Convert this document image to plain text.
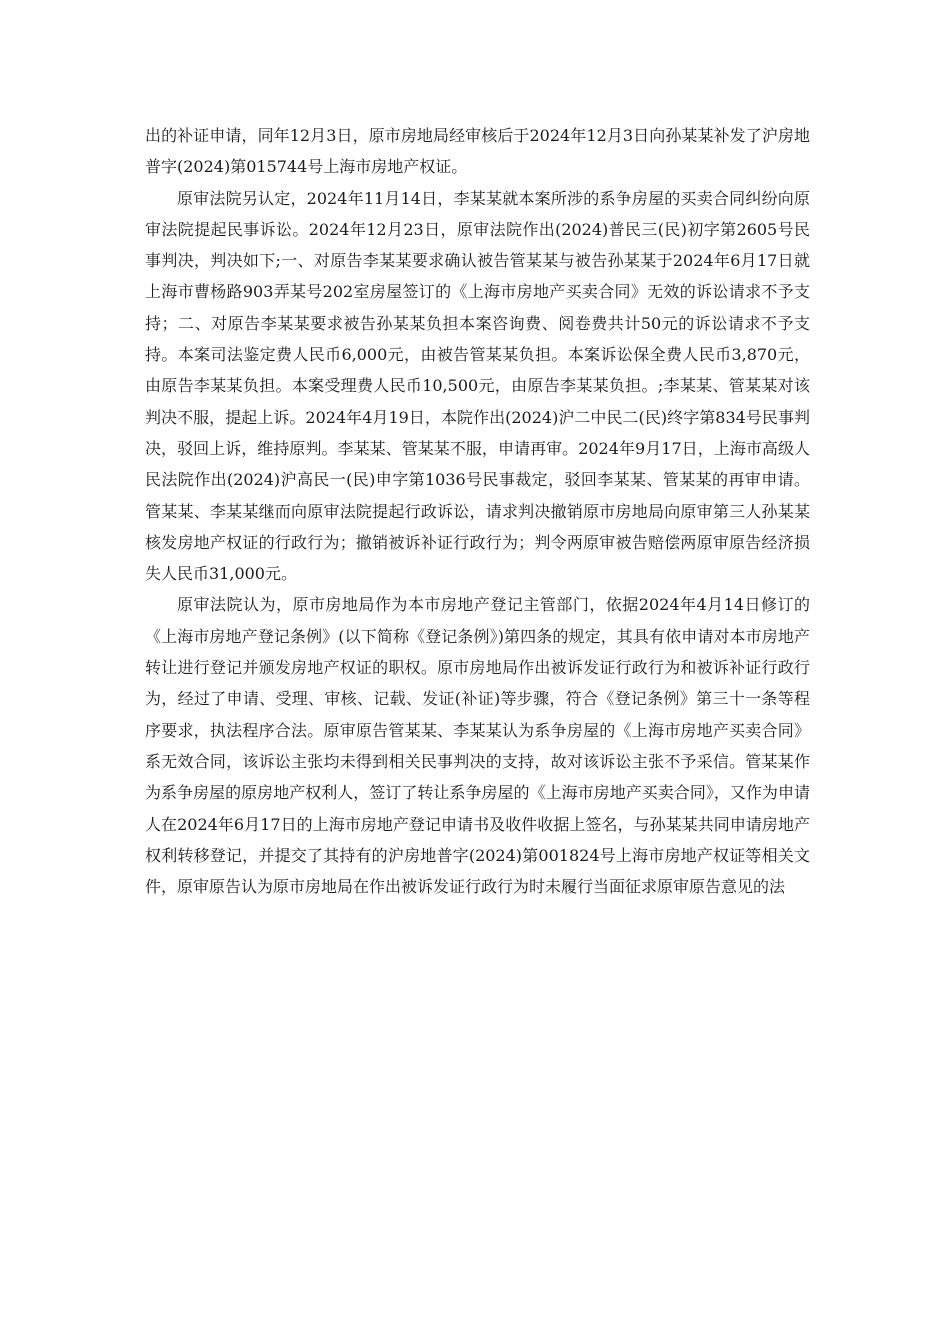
出的补证申请，同年12月3日，原市房地局经审核后于2024年12月3日向孙某某补发了沪房地普字(2024)第015744号上海市房地产权证。

原审法院另认定，2024年11月14日，李某某就本案所涉的系争房屋的买卖合同纠纷向原审法院提起民事诉讼。2024年12月23日，原审法院作出(2024)普民三(民)初字第2605号民事判决，判决如下;一、对原告李某某要求确认被告管某某与被告孙某某于2024年6月17日就上海市曹杨路903弄某号202室房屋签订的《上海市房地产买卖合同》无效的诉讼请求不予支持；二、对原告李某某要求被告孙某某负担本案咨询费、阅卷费共计50元的诉讼请求不予支持。本案司法鉴定费人民币6,000元，由被告管某某负担。本案诉讼保全费人民币3,870元，由原告李某某负担。本案受理费人民币10,500元，由原告李某某负担。;李某某、管某某对该判决不服，提起上诉。2024年4月19日，本院作出(2024)沪二中民二(民)终字第834号民事判决，驳回上诉，维持原判。李某某、管某某不服，申请再审。2024年9月17日，上海市高级人民法院作出(2024)沪高民一(民)申字第1036号民事裁定，驳回李某某、管某某的再审申请。管某某、李某某继而向原审法院提起行政诉讼，请求判决撤销原市房地局向原审第三人孙某某核发房地产权证的行政行为；撤销被诉补证行政行为；判令两原审被告赔偿两原审原告经济损失人民币31,000元。

原审法院认为，原市房地局作为本市房地产登记主管部门，依据2024年4月14日修订的《上海市房地产登记条例》(以下简称《登记条例》)第四条的规定，其具有依申请对本市房地产转让进行登记并颁发房地产权证的职权。原市房地局作出被诉发证行政行为和被诉补证行政行为，经过了申请、受理、审核、记载、发证(补证)等步骤，符合《登记条例》第三十一条等程序要求，执法程序合法。原审原告管某某、李某某认为系争房屋的《上海市房地产买卖合同》系无效合同，该诉讼主张均未得到相关民事判决的支持，故对该诉讼主张不予采信。管某某作为系争房屋的原房地产权利人，签订了转让系争房屋的《上海市房地产买卖合同》，又作为申请人在2024年6月17日的上海市房地产登记申请书及收件收据上签名，与孙某某共同申请房地产权利转移登记，并提交了其持有的沪房地普字(2024)第001824号上海市房地产权证等相关文件，原审原告认为原市房地局在作出被诉发证行政行为时未履行当面征求原审原告意见的法
